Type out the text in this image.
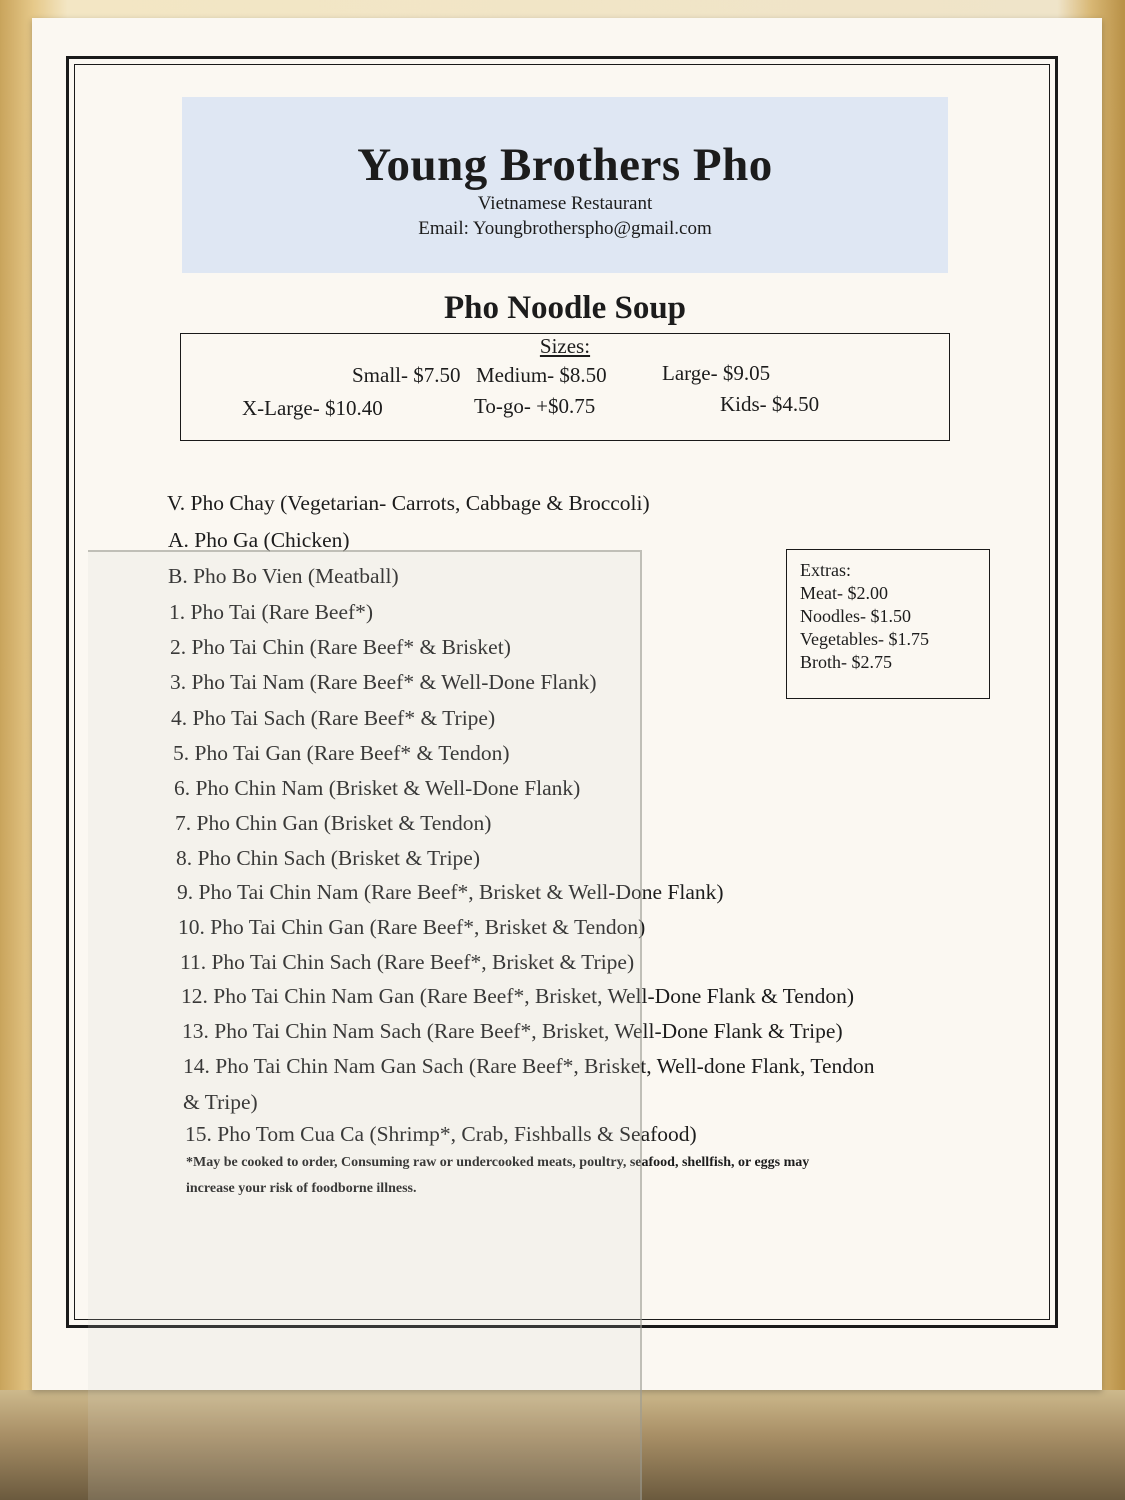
Young Brothers Pho
Vietnamese Restaurant
Email: Youngbrotherspho@gmail.com
Pho Noodle Soup
Sizes:
Small- $7.50 Medium- $8.50	Large- $9.05
X-Large- $10.40	To-go- +$0.75	Kids- $4.50
Extras:
Meat- $2.00
Noodles- $1.50
Vegetables- $1.75
Broth- $2.75
V. Pho Chay (Vegetarian- Carrots, Cabbage & Broccoli)
A. Pho Ga (Chicken)
B. Pho Bo Vien (Meatball)
1. Pho Tai (Rare Beef*)
2. Pho Tai Chin (Rare Beef* & Brisket)
3. Pho Tai Nam (Rare Beef* & Well-Done Flank)
4. Pho Tai Sach (Rare Beef* & Tripe)
5. Pho Tai Gan (Rare Beef* & Tendon)
6. Pho Chin Nam (Brisket & Well-Done Flank)
7. Pho Chin Gan (Brisket & Tendon)
8. Pho Chin Sach (Brisket & Tripe)
9. Pho Tai Chin Nam (Rare Beef*, Brisket & Well-Done Flank)
10. Pho Tai Chin Gan (Rare Beef*, Brisket & Tendon)
11. Pho Tai Chin Sach (Rare Beef*, Brisket & Tripe)
12. Pho Tai Chin Nam Gan (Rare Beef*, Brisket, Well-Done Flank & Tendon)
13. Pho Tai Chin Nam Sach (Rare Beef*, Brisket, Well-Done Flank & Tripe)
14. Pho Tai Chin Nam Gan Sach (Rare Beef*, Brisket, Well-done Flank, Tendon
& Tripe)
15. Pho Tom Cua Ca (Shrimp*, Crab, Fishballs & Seafood)
*May be cooked to order, Consuming raw or undercooked meats, poultry, seafood, shellfish, or eggs may
increase your risk of foodborne illness.
